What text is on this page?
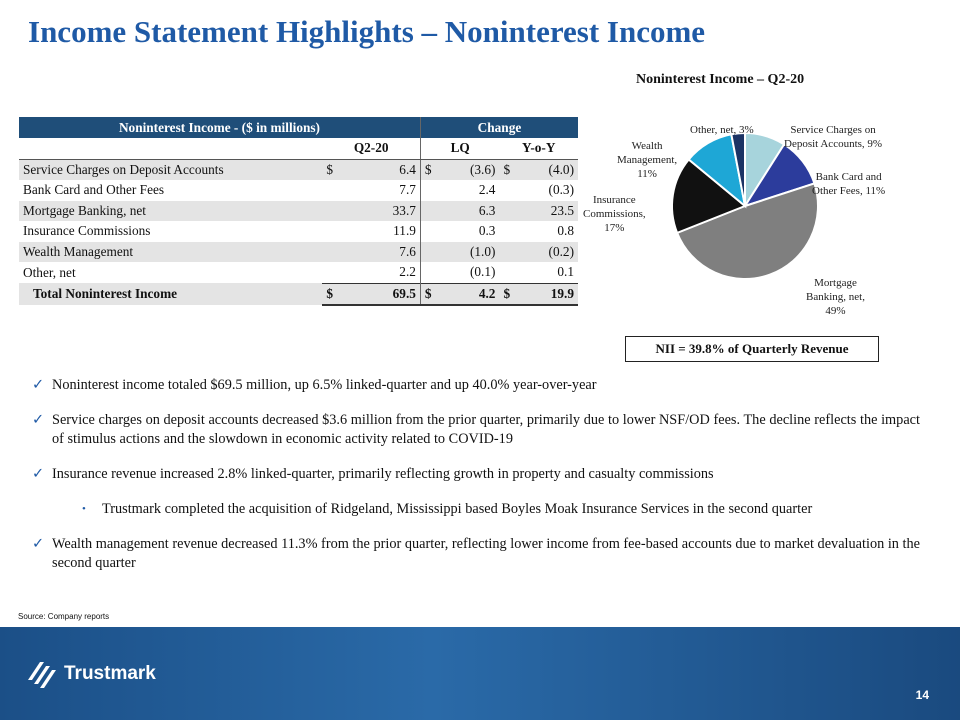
Income Statement Highlights – Noninterest Income
Noninterest Income - ($ in millions)			Change			
	Q2-20		LQ		Y-o-Y	
Service Charges on Deposit Accounts	$	6.4	$	(3.6)	$	(4.0)
Bank Card and Other Fees		7.7		2.4		(0.3)
Mortgage Banking, net		33.7		6.3		23.5
Insurance Commissions		11.9		0.3		0.8
Wealth Management		7.6		(1.0)		(0.2)
Other, net		2.2		(0.1)		0.1
Total Noninterest Income	$	69.5	$	4.2	$	19.9
Noninterest Income – Q2-20
Other, net, 3%	Service Charges on
Deposit Accounts, 9%
Bank Card and
Other Fees, 11%
Mortgage
Banking, net,
49%
Insurance
Commissions,
17%
Wealth
Management,
11%
NII = 39.8% of Quarterly Revenue
✓ Noninterest income totaled $69.5 million, up 6.5% linked-quarter and up 40.0% year-over-year
✓ Service charges on deposit accounts decreased $3.6 million from the prior quarter, primarily due to lower NSF/OD fees. The decline reflects the impact of stimulus actions and the slowdown in economic activity related to COVID-19
✓ Insurance revenue increased 2.8% linked-quarter, primarily reflecting growth in property and casualty commissions
• Trustmark completed the acquisition of Ridgeland, Mississippi based Boyles Moak Insurance Services in the second quarter
✓ Wealth management revenue decreased 11.3% from the prior quarter, reflecting lower income from fee-based accounts due to market devaluation in the second quarter
Source: Company reports
Trustmark
14
